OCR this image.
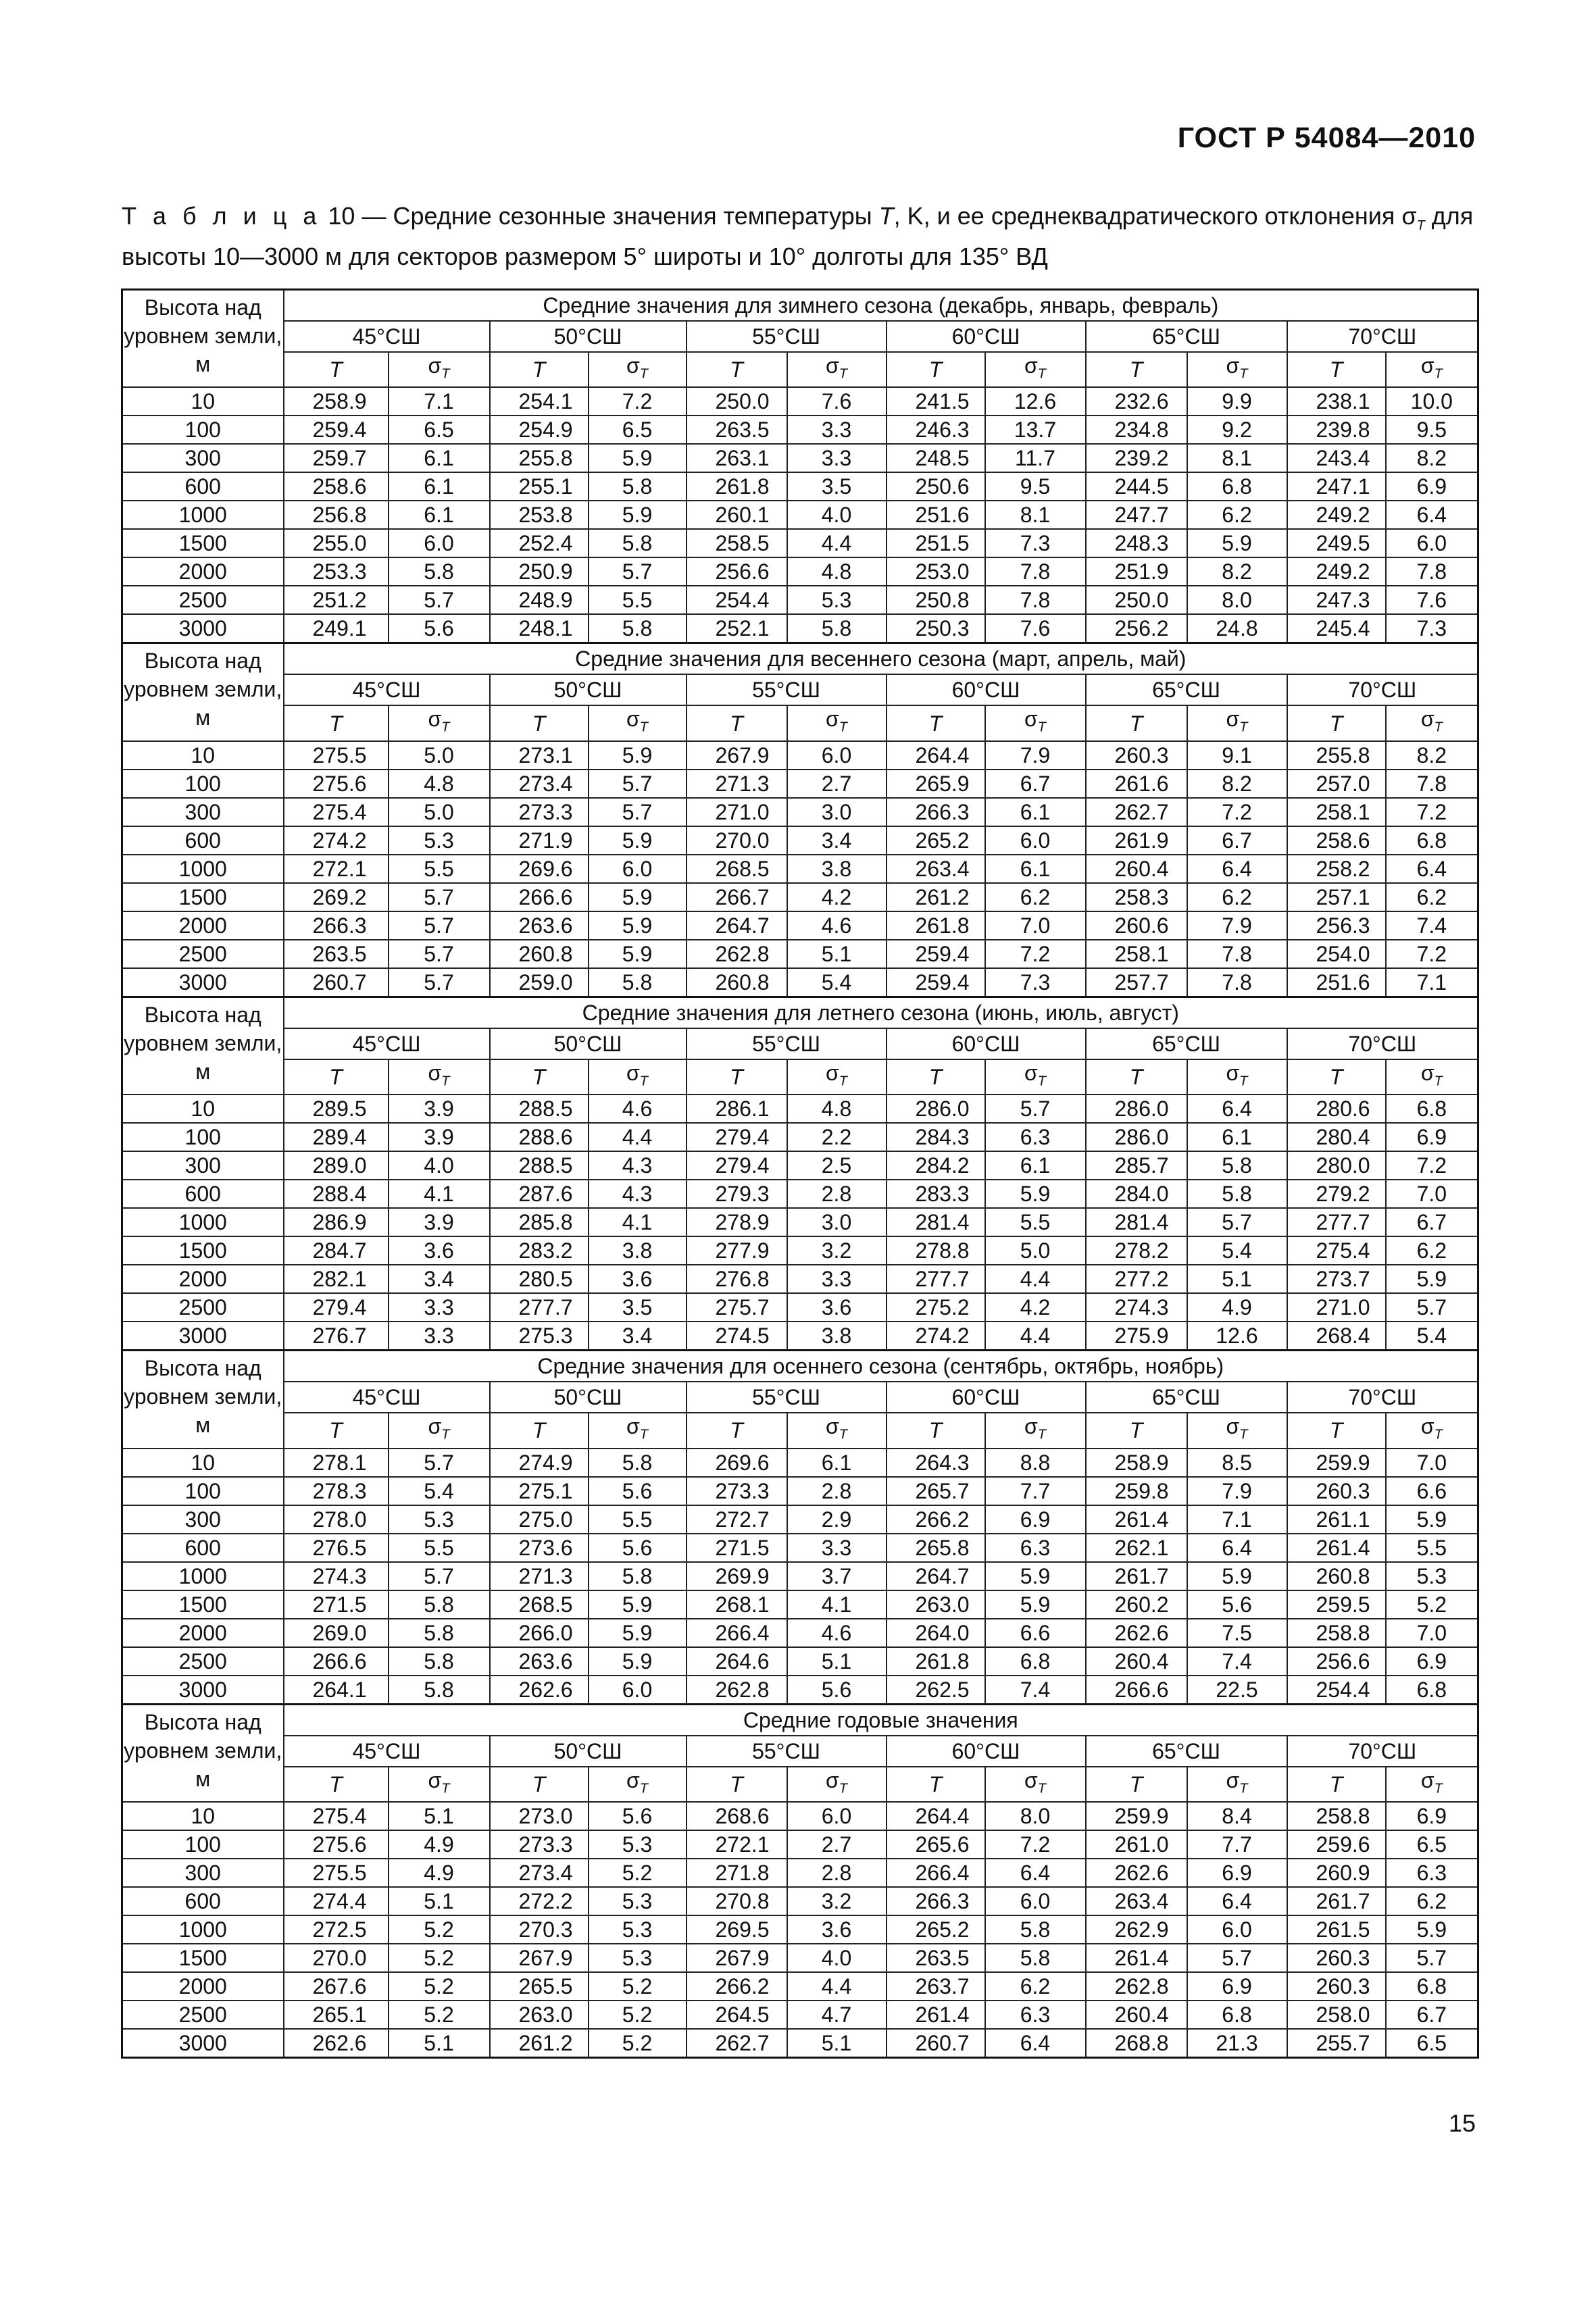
ГОСТ Р 54084—2010
Т а б л и ц а 10 — Средние сезонные значения температуры T, K, и ее среднеквадратического отклонения $\sigma_T$ для высоты 10—3000 м для секторов размером 5° широты и 10° долготы для 135° ВД
Высота над уровнем земли, м	Средние значения для зимнего сезона (декабрь, январь, февраль)											
	45°СШ		50°СШ		55°СШ		60°СШ		65°СШ		70°СШ	
	T	$\sigma_T$	T	$\sigma_T$	T	$\sigma_T$	T	$\sigma_T$	T	$\sigma_T$	T	$\sigma_T$
10	258.9	7.1	254.1	7.2	250.0	7.6	241.5	12.6	232.6	9.9	238.1	10.0
100	259.4	6.5	254.9	6.5	263.5	3.3	246.3	13.7	234.8	9.2	239.8	9.5
300	259.7	6.1	255.8	5.9	263.1	3.3	248.5	11.7	239.2	8.1	243.4	8.2
600	258.6	6.1	255.1	5.8	261.8	3.5	250.6	9.5	244.5	6.8	247.1	6.9
1000	256.8	6.1	253.8	5.9	260.1	4.0	251.6	8.1	247.7	6.2	249.2	6.4
1500	255.0	6.0	252.4	5.8	258.5	4.4	251.5	7.3	248.3	5.9	249.5	6.0
2000	253.3	5.8	250.9	5.7	256.6	4.8	253.0	7.8	251.9	8.2	249.2	7.8
2500	251.2	5.7	248.9	5.5	254.4	5.3	250.8	7.8	250.0	8.0	247.3	7.6
3000	249.1	5.6	248.1	5.8	252.1	5.8	250.3	7.6	256.2	24.8	245.4	7.3
Высота над уровнем земли, м	Средние значения для весеннего сезона (март, апрель, май)											
	45°СШ		50°СШ		55°СШ		60°СШ		65°СШ		70°СШ	
	T	$\sigma_T$	T	$\sigma_T$	T	$\sigma_T$	T	$\sigma_T$	T	$\sigma_T$	T	$\sigma_T$
10	275.5	5.0	273.1	5.9	267.9	6.0	264.4	7.9	260.3	9.1	255.8	8.2
100	275.6	4.8	273.4	5.7	271.3	2.7	265.9	6.7	261.6	8.2	257.0	7.8
300	275.4	5.0	273.3	5.7	271.0	3.0	266.3	6.1	262.7	7.2	258.1	7.2
600	274.2	5.3	271.9	5.9	270.0	3.4	265.2	6.0	261.9	6.7	258.6	6.8
1000	272.1	5.5	269.6	6.0	268.5	3.8	263.4	6.1	260.4	6.4	258.2	6.4
1500	269.2	5.7	266.6	5.9	266.7	4.2	261.2	6.2	258.3	6.2	257.1	6.2
2000	266.3	5.7	263.6	5.9	264.7	4.6	261.8	7.0	260.6	7.9	256.3	7.4
2500	263.5	5.7	260.8	5.9	262.8	5.1	259.4	7.2	258.1	7.8	254.0	7.2
3000	260.7	5.7	259.0	5.8	260.8	5.4	259.4	7.3	257.7	7.8	251.6	7.1
Высота над уровнем земли, м	Средние значения для летнего сезона (июнь, июль, август)											
	45°СШ		50°СШ		55°СШ		60°СШ		65°СШ		70°СШ	
	T	$\sigma_T$	T	$\sigma_T$	T	$\sigma_T$	T	$\sigma_T$	T	$\sigma_T$	T	$\sigma_T$
10	289.5	3.9	288.5	4.6	286.1	4.8	286.0	5.7	286.0	6.4	280.6	6.8
100	289.4	3.9	288.6	4.4	279.4	2.2	284.3	6.3	286.0	6.1	280.4	6.9
300	289.0	4.0	288.5	4.3	279.4	2.5	284.2	6.1	285.7	5.8	280.0	7.2
600	288.4	4.1	287.6	4.3	279.3	2.8	283.3	5.9	284.0	5.8	279.2	7.0
1000	286.9	3.9	285.8	4.1	278.9	3.0	281.4	5.5	281.4	5.7	277.7	6.7
1500	284.7	3.6	283.2	3.8	277.9	3.2	278.8	5.0	278.2	5.4	275.4	6.2
2000	282.1	3.4	280.5	3.6	276.8	3.3	277.7	4.4	277.2	5.1	273.7	5.9
2500	279.4	3.3	277.7	3.5	275.7	3.6	275.2	4.2	274.3	4.9	271.0	5.7
3000	276.7	3.3	275.3	3.4	274.5	3.8	274.2	4.4	275.9	12.6	268.4	5.4
Высота над уровнем земли, м	Средние значения для осеннего сезона (сентябрь, октябрь, ноябрь)											
	45°СШ		50°СШ		55°СШ		60°СШ		65°СШ		70°СШ	
	T	$\sigma_T$	T	$\sigma_T$	T	$\sigma_T$	T	$\sigma_T$	T	$\sigma_T$	T	$\sigma_T$
10	278.1	5.7	274.9	5.8	269.6	6.1	264.3	8.8	258.9	8.5	259.9	7.0
100	278.3	5.4	275.1	5.6	273.3	2.8	265.7	7.7	259.8	7.9	260.3	6.6
300	278.0	5.3	275.0	5.5	272.7	2.9	266.2	6.9	261.4	7.1	261.1	5.9
600	276.5	5.5	273.6	5.6	271.5	3.3	265.8	6.3	262.1	6.4	261.4	5.5
1000	274.3	5.7	271.3	5.8	269.9	3.7	264.7	5.9	261.7	5.9	260.8	5.3
1500	271.5	5.8	268.5	5.9	268.1	4.1	263.0	5.9	260.2	5.6	259.5	5.2
2000	269.0	5.8	266.0	5.9	266.4	4.6	264.0	6.6	262.6	7.5	258.8	7.0
2500	266.6	5.8	263.6	5.9	264.6	5.1	261.8	6.8	260.4	7.4	256.6	6.9
3000	264.1	5.8	262.6	6.0	262.8	5.6	262.5	7.4	266.6	22.5	254.4	6.8
Высота над уровнем земли, м	Средние годовые значения											
	45°СШ		50°СШ		55°СШ		60°СШ		65°СШ		70°СШ	
	T	$\sigma_T$	T	$\sigma_T$	T	$\sigma_T$	T	$\sigma_T$	T	$\sigma_T$	T	$\sigma_T$
10	275.4	5.1	273.0	5.6	268.6	6.0	264.4	8.0	259.9	8.4	258.8	6.9
100	275.6	4.9	273.3	5.3	272.1	2.7	265.6	7.2	261.0	7.7	259.6	6.5
300	275.5	4.9	273.4	5.2	271.8	2.8	266.4	6.4	262.6	6.9	260.9	6.3
600	274.4	5.1	272.2	5.3	270.8	3.2	266.3	6.0	263.4	6.4	261.7	6.2
1000	272.5	5.2	270.3	5.3	269.5	3.6	265.2	5.8	262.9	6.0	261.5	5.9
1500	270.0	5.2	267.9	5.3	267.9	4.0	263.5	5.8	261.4	5.7	260.3	5.7
2000	267.6	5.2	265.5	5.2	266.2	4.4	263.7	6.2	262.8	6.9	260.3	6.8
2500	265.1	5.2	263.0	5.2	264.5	4.7	261.4	6.3	260.4	6.8	258.0	6.7
3000	262.6	5.1	261.2	5.2	262.7	5.1	260.7	6.4	268.8	21.3	255.7	6.5
15
